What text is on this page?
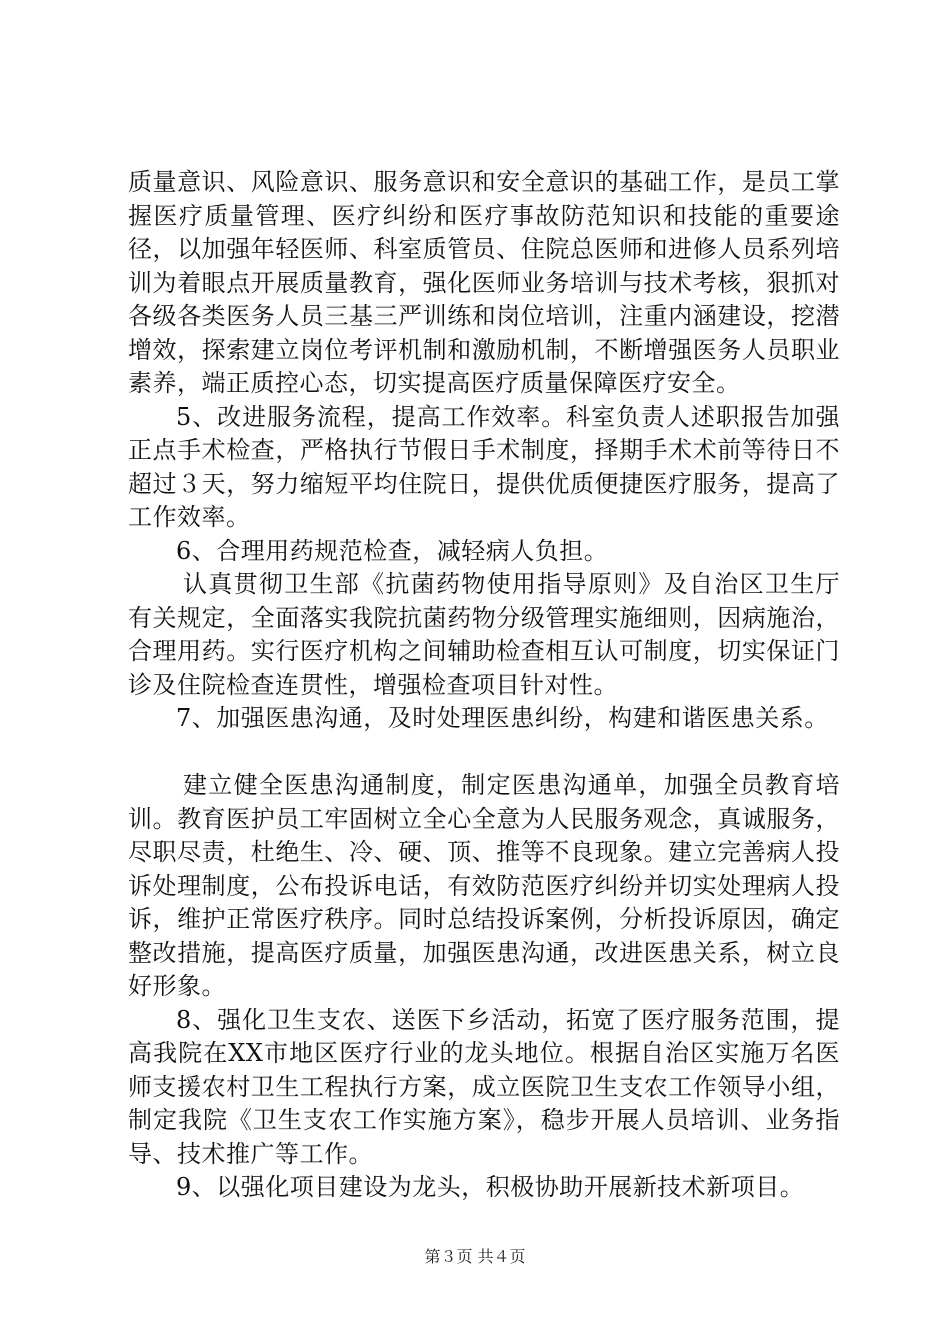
质量意识、风险意识、服务意识和安全意识的基础工作，是员工掌握医疗质量管理、医疗纠纷和医疗事故防范知识和技能的重要途径，以加强年轻医师、科室质管员、住院总医师和进修人员系列培训为着眼点开展质量教育，强化医师业务培训与技术考核，狠抓对各级各类医务人员三基三严训练和岗位培训，注重内涵建设，挖潜增效，探索建立岗位考评机制和激励机制，不断增强医务人员职业素养，端正质控心态，切实提高医疗质量保障医疗安全。

5、改进服务流程，提高工作效率。科室负责人述职报告加强正点手术检查，严格执行节假日手术制度，择期手术术前等待日不超过３天，努力缩短平均住院日，提供优质便捷医疗服务，提高了工作效率。

6、合理用药规范检查，减轻病人负担。

认真贯彻卫生部《抗菌药物使用指导原则》及自治区卫生厅有关规定，全面落实我院抗菌药物分级管理实施细则，因病施治，合理用药。实行医疗机构之间辅助检查相互认可制度，切实保证门诊及住院检查连贯性，增强检查项目针对性。

7、加强医患沟通，及时处理医患纠纷，构建和谐医患关系。

建立健全医患沟通制度，制定医患沟通单，加强全员教育培训。教育医护员工牢固树立全心全意为人民服务观念，真诚服务，尽职尽责，杜绝生、冷、硬、顶、推等不良现象。建立完善病人投诉处理制度，公布投诉电话，有效防范医疗纠纷并切实处理病人投诉，维护正常医疗秩序。同时总结投诉案例，分析投诉原因，确定整改措施，提高医疗质量，加强医患沟通，改进医患关系，树立良好形象。

8、强化卫生支农、送医下乡活动，拓宽了医疗服务范围，提高我院在XX市地区医疗行业的龙头地位。根据自治区实施万名医师支援农村卫生工程执行方案，成立医院卫生支农工作领导小组，制定我院《卫生支农工作实施方案》，稳步开展人员培训、业务指导、技术推广等工作。

9、以强化项目建设为龙头，积极协助开展新技术新项目。

第３页 共４页
